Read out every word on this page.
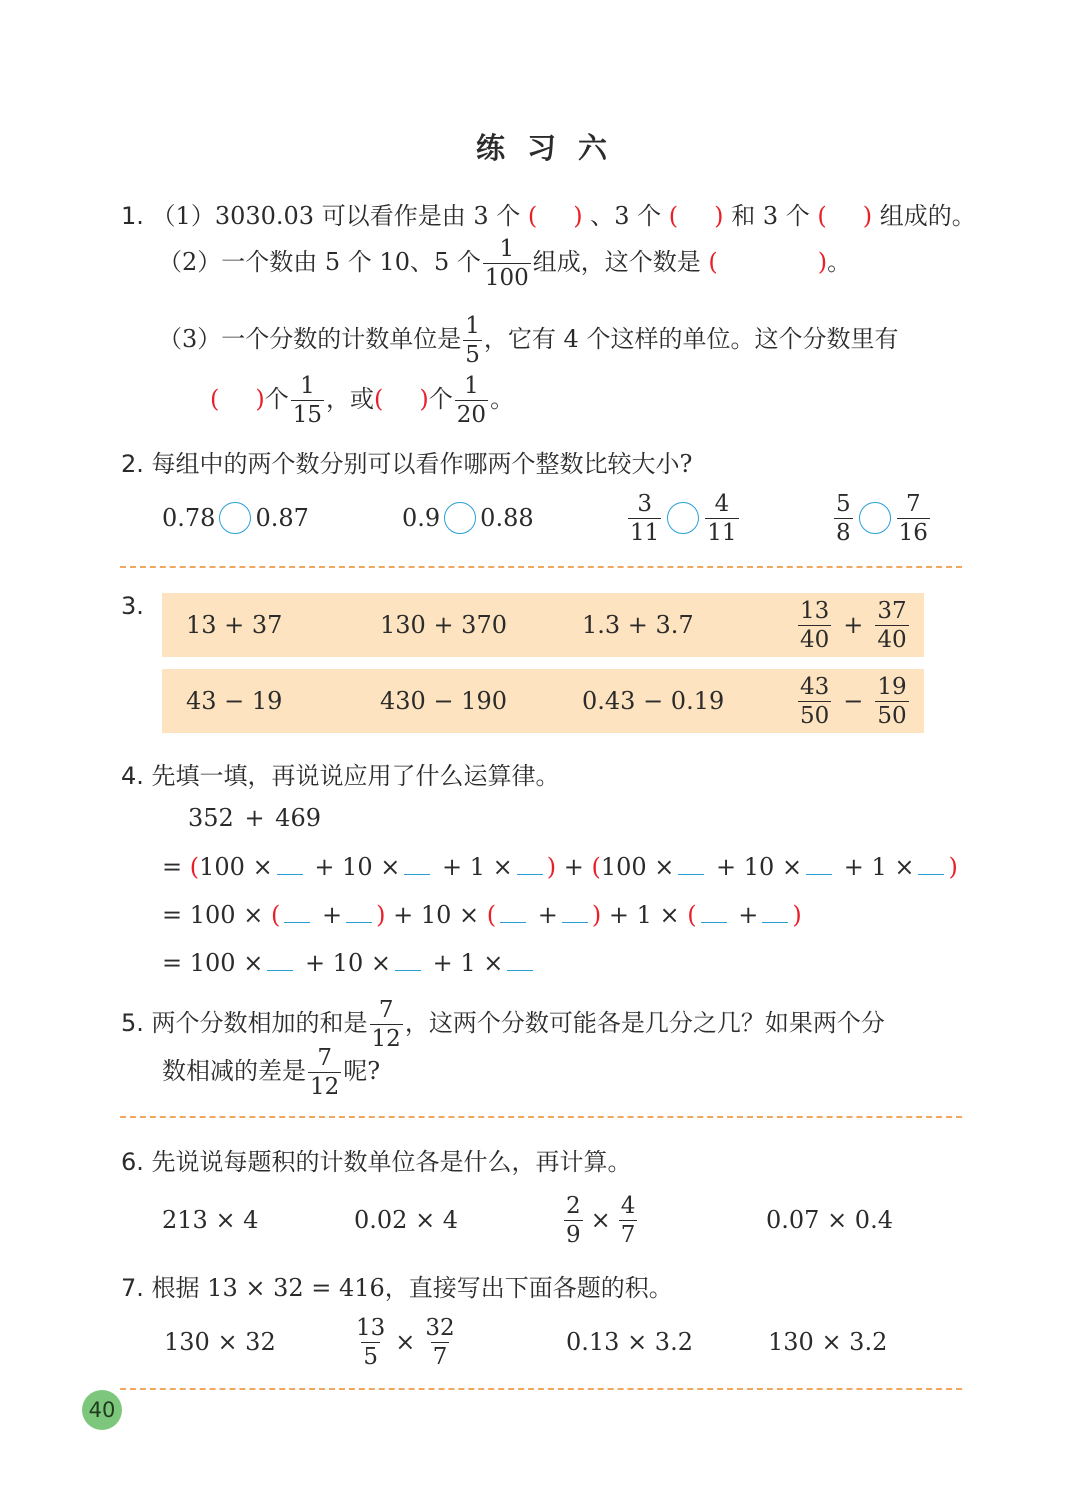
练习六
1. （1）3030.03 可以看作是由 3 个 ( ) 、3 个 ( ) 和 3 个 ( ) 组成的。
（2）一个数由 5 个 10、5 个 $\frac{1}{100}$ 组成，这个数是 (	)。
（3）一个分数的计数单位是 $\frac{1}{5}$ ，它有 4 个这样的单位。这个分数里有
( )个 $\frac{1}{15}$ ，或( )个 $\frac{1}{20}$ 。
2. 每组中的两个数分别可以看作哪两个整数比较大小?
0.78 0.87	0.9 0.88	$\frac{3}{11} \frac{4}{11}$	$\frac{5}{8} \frac{7}{16}$
3.
13 + 37	130 + 370	1.3 + 3.7	$\frac{13}{40} + \frac{37}{40}$
43 − 19	430 − 190	0.43 − 0.19	$\frac{43}{50} - \frac{19}{50}$
4. 先填一填，再说说应用了什么运算律。
352 + 469
= (100 × + 10 × + 1 × ) + (100 × + 10 × + 1 × )
= 100 × ( + ) + 10 × ( + ) + 1 × ( + )
= 100 × + 10 × + 1 ×
5. 两个分数相加的和是 $\frac{7}{12}$ ，这两个分数可能各是几分之几？如果两个分
数相减的差是 $\frac{7}{12}$ 呢?
6. 先说说每题积的计数单位各是什么，再计算。
213 × 4	0.02 × 4	$\frac{2}{9} \times \frac{4}{7}$	0.07 × 0.4
7. 根据 13 × 32 = 416，直接写出下面各题的积。
130 × 32	$\frac{13}{5} \times \frac{32}{7}$	0.13 × 3.2	130 × 3.2
40
